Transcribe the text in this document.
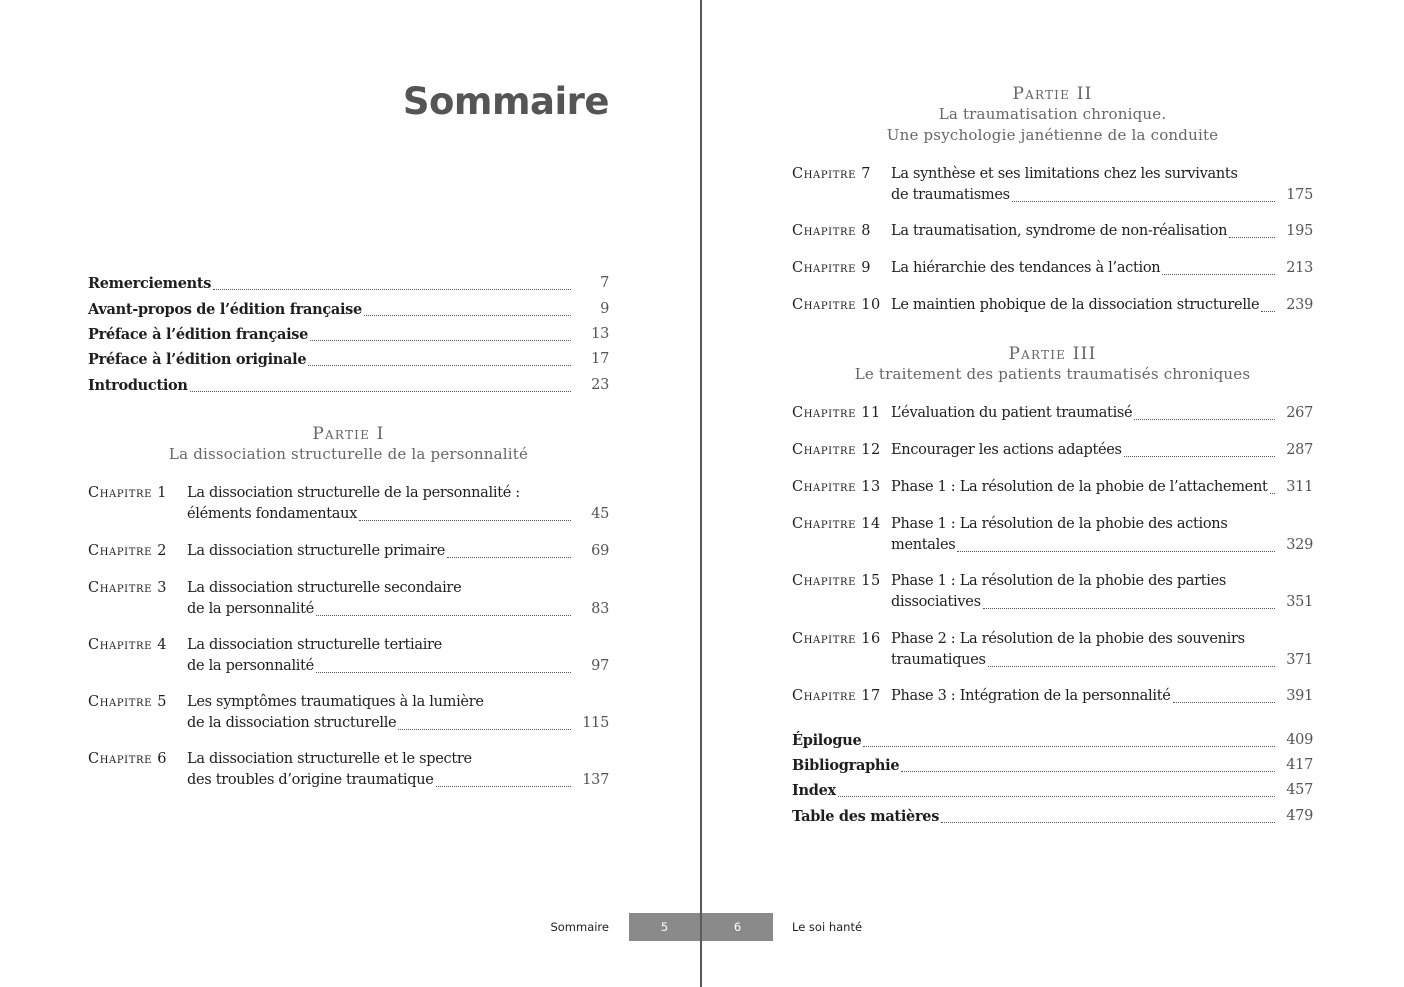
Sommaire
Remerciements	7
Avant-propos de l’édition française	9
Préface à l’édition française	13
Préface à l’édition originale	17
Introduction	23
Partie I
La dissociation structurelle de la personnalité
Chapitre 1 La dissociation structurelle de la personnalité :
éléments fondamentaux	45
Chapitre 2 La dissociation structurelle primaire	69
Chapitre 3 La dissociation structurelle secondaire
de la personnalité	83
Chapitre 4 La dissociation structurelle tertiaire
de la personnalité	97
Chapitre 5 Les symptômes traumatiques à la lumière
de la dissociation structurelle	115
Chapitre 6 La dissociation structurelle et le spectre
des troubles d’origine traumatique	137
Partie II
La traumatisation chronique.
Une psychologie janétienne de la conduite
Chapitre 7 La synthèse et ses limitations chez les survivants
de traumatismes	175
Chapitre 8 La traumatisation, syndrome de non-réalisation	195
Chapitre 9 La hiérarchie des tendances à l’action	213
Chapitre 10 Le maintien phobique de la dissociation structurelle	239
Partie III
Le traitement des patients traumatisés chroniques
Chapitre 11 L’évaluation du patient traumatisé	267
Chapitre 12 Encourager les actions adaptées	287
Chapitre 13 Phase 1 : La résolution de la phobie de l’attachement	311
Chapitre 14 Phase 1 : La résolution de la phobie des actions
mentales	329
Chapitre 15 Phase 1 : La résolution de la phobie des parties
dissociatives	351
Chapitre 16 Phase 2 : La résolution de la phobie des souvenirs
traumatiques	371
Chapitre 17 Phase 3 : Intégration de la personnalité	391
Épilogue	409
Bibliographie	417
Index	457
Table des matières	479
Sommaire	5	6	Le soi hanté
